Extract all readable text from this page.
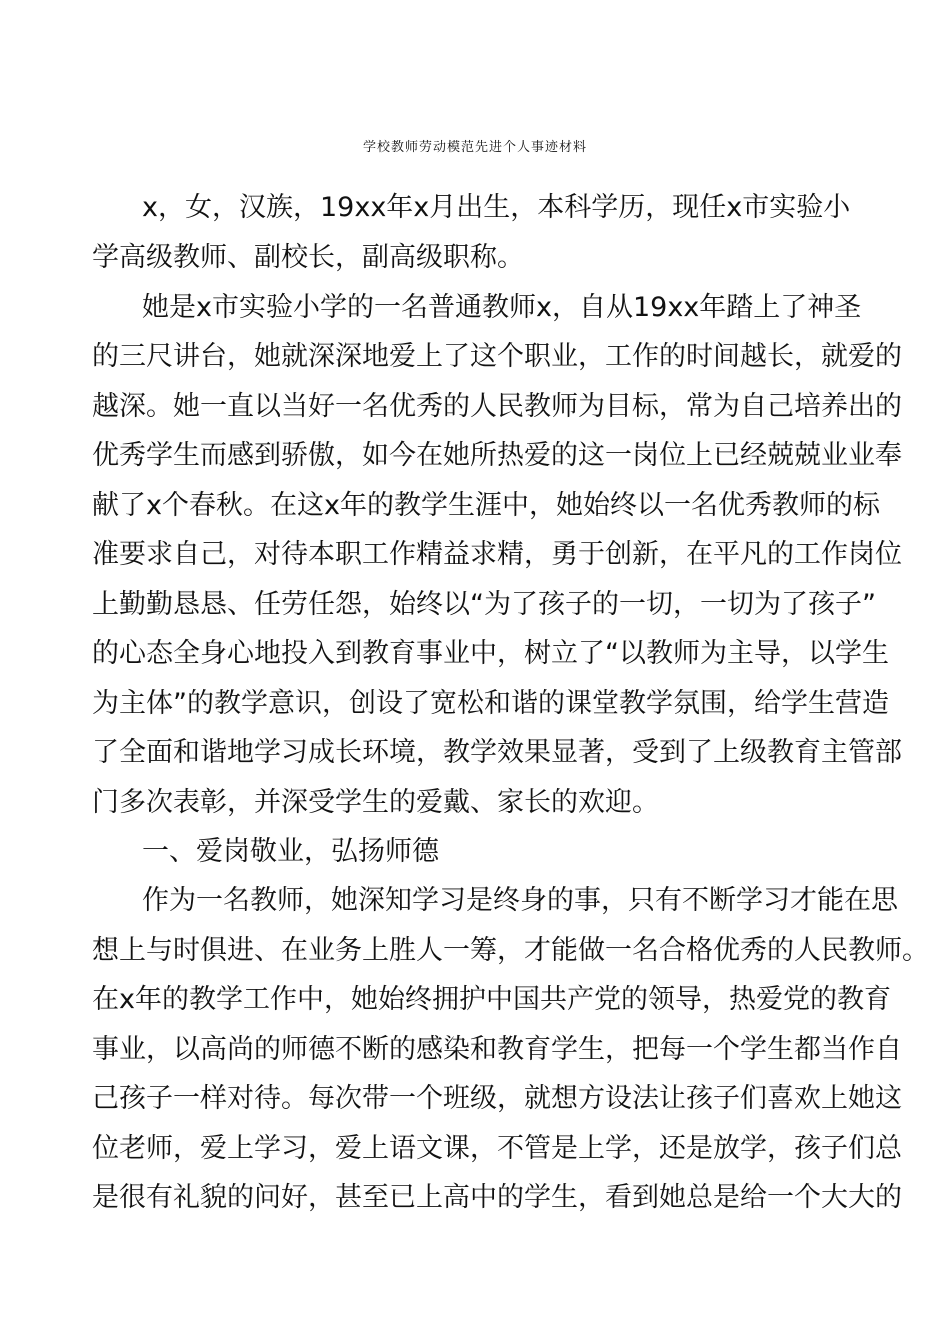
学校教师劳动模范先进个人事迹材料
x，女，汉族，19xx年x月出生，本科学历，现任x市实验小
学高级教师、副校长，副高级职称。
她是x市实验小学的一名普通教师x，自从19xx年踏上了神圣
的三尺讲台，她就深深地爱上了这个职业，工作的时间越长，就爱的
越深。她一直以当好一名优秀的人民教师为目标，常为自己培养出的
优秀学生而感到骄傲，如今在她所热爱的这一岗位上已经兢兢业业奉
献了x个春秋。在这x年的教学生涯中，她始终以一名优秀教师的标
准要求自己，对待本职工作精益求精，勇于创新，在平凡的工作岗位
上勤勤恳恳、任劳任怨，始终以“为了孩子的一切，一切为了孩子”
的心态全身心地投入到教育事业中，树立了“以教师为主导，以学生
为主体”的教学意识，创设了宽松和谐的课堂教学氛围，给学生营造
了全面和谐地学习成长环境，教学效果显著，受到了上级教育主管部
门多次表彰，并深受学生的爱戴、家长的欢迎。
一、爱岗敬业，弘扬师德
作为一名教师，她深知学习是终身的事，只有不断学习才能在思
想上与时俱进、在业务上胜人一筹，才能做一名合格优秀的人民教师。
在x年的教学工作中，她始终拥护中国共产党的领导，热爱党的教育
事业，以高尚的师德不断的感染和教育学生，把每一个学生都当作自
己孩子一样对待。每次带一个班级，就想方设法让孩子们喜欢上她这
位老师，爱上学习，爱上语文课，不管是上学，还是放学，孩子们总
是很有礼貌的问好，甚至已上高中的学生，看到她总是给一个大大的
